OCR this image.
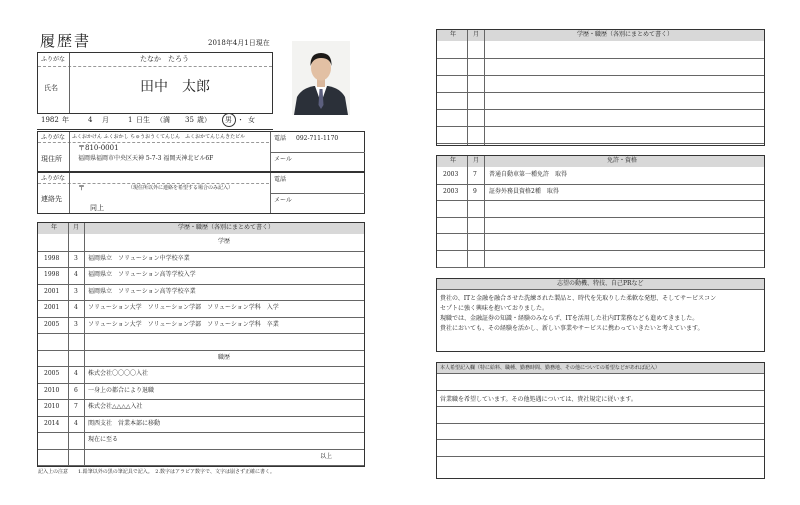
履歴書	2018年4月1日現在
ふりがな	たなか　たろう
氏名	田中　太郎
1982 年	4 月	1 日生 （満 35 歳） 男 ・ 女
ふりがな ふくおかけん ふくおかし ちゅうおうくてんじん　ふくおかてんじんきたビル
現住所
〒810-0001
福岡県福岡市中央区天神 5-7-3 福岡天神北ビル6F
電話 092-711-1170
メール
ふりがな
連絡先
〒	（現住所以外に連絡を希望する場合のみ記入）
同上
電話
メール
年	月	学歴・職歴（各別にまとめて書く）
学歴
1998 3 福岡県立　ソリューション中学校卒業
1998 4 福岡県立　ソリューション高等学校入学
2001 3 福岡県立　ソリューション高等学校卒業
2001 4 ソリューション大学　ソリューション学部　ソリューション学科　入学
2005 3 ソリューション大学　ソリューション学部　ソリューション学科　卒業
職歴
2005 4 株式会社〇〇〇〇入社
2010 6 一身上の都合により退職
2010 7 株式会社△△△△入社
2014 4 関西支社　営業本部に移動
現在に至る
以上
記入上の注意　　1.鉛筆以外の黒の筆記具で記入。　2.数字はアラビア数字で、文字は崩さず正確に書く。
年	月	学歴・職歴（各別にまとめて書く）
年	月	免許・資格
2003 7 普通自動車第一種免許　取得
2003 9 証券外務員資格2種　取得
志望の動機、特技、自己PRなど
貴社の、ITと金融を融合させた洗練された製品と、時代を先取りした柔軟な発想、そしてサービスコン
セプトに強く興味を抱いておりました。
現職では、金融証券の知識・経験のみならず、ITを活用した社内IT業務なども進めてきました。
貴社においても、その経験を活かし、新しい事業やサービスに携わっていきたいと考えています。
本人希望記入欄（特に給料、職種、勤務時間、勤務地、その他についての希望などがあれば記入）
営業職を希望しています。その他処遇については、貴社規定に従います。
